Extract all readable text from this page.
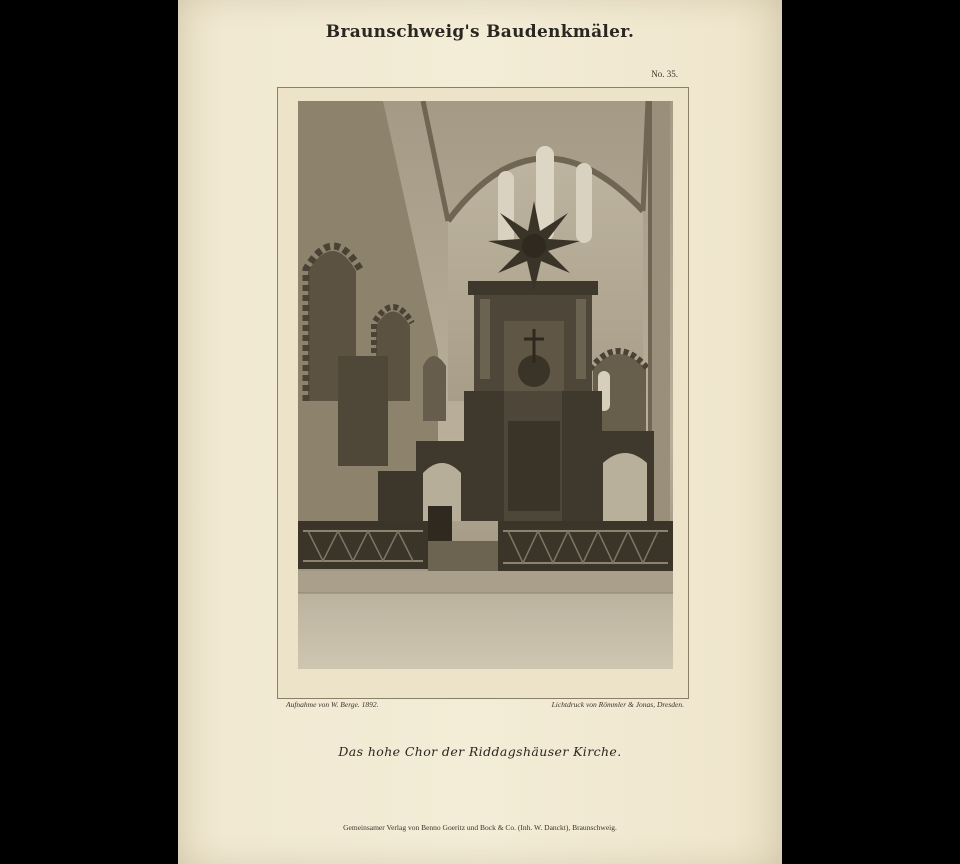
Braunschweig's Baudenkmäler.
No. 35.
Aufnahme von W. Berge. 1892.	Lichtdruck von Römmler & Jonas, Dresden.
Das hohe Chor der Riddagshäuser Kirche.
Gemeinsamer Verlag von Benno Goeritz und Bock & Co. (Inh. W. Danckt), Braunschweig.
